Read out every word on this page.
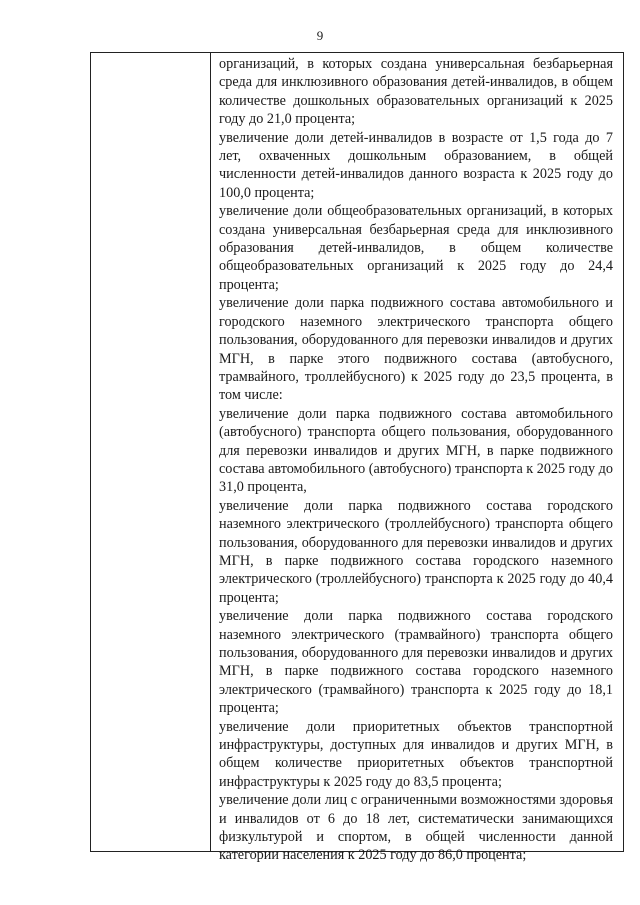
9

организаций, в которых создана универсальная безбарьерная среда для инклюзивного образования детей-инвалидов, в общем количестве дошкольных образовательных организаций к 2025 году до 21,0 процента;

увеличение доли детей-инвалидов в возрасте от 1,5 года до 7 лет, охваченных дошкольным образованием, в общей численности детей-инвалидов данного возраста к 2025 году до 100,0 процента;

увеличение доли общеобразовательных организаций, в которых создана универсальная безбарьерная среда для инклюзивного образования детей-инвалидов, в общем количестве общеобразовательных организаций к 2025 году до 24,4 процента;

увеличение доли парка подвижного состава автомобильного и городского наземного электрического транспорта общего пользования, оборудованного для перевозки инвалидов и других МГН, в парке этого подвижного состава (автобусного, трамвайного, троллейбусного) к 2025 году до 23,5 процента, в том числе:

увеличение доли парка подвижного состава автомобильного (автобусного) транспорта общего пользования, оборудованного для перевозки инвалидов и других МГН, в парке подвижного состава автомобильного (автобусного) транспорта к 2025 году до 31,0 процента,

увеличение доли парка подвижного состава городского наземного электрического (троллейбусного) транспорта общего пользования, оборудованного для перевозки инвалидов и других МГН, в парке подвижного состава городского наземного электрического (троллейбусного) транспорта к 2025 году до 40,4 процента;

увеличение доли парка подвижного состава городского наземного электрического (трамвайного) транспорта общего пользования, оборудованного для перевозки инвалидов и других МГН, в парке подвижного состава городского наземного электрического (трамвайного) транспорта к 2025 году до 18,1 процента;

увеличение доли приоритетных объектов транспортной инфраструктуры, доступных для инвалидов и других МГН, в общем количестве приоритетных объектов транспортной инфраструктуры к 2025 году до 83,5 процента;

увеличение доли лиц с ограниченными возможностями здоровья и инвалидов от 6 до 18 лет, систематически занимающихся физкультурой и спортом, в общей численности данной категории населения к 2025 году до 86,0 процента;
